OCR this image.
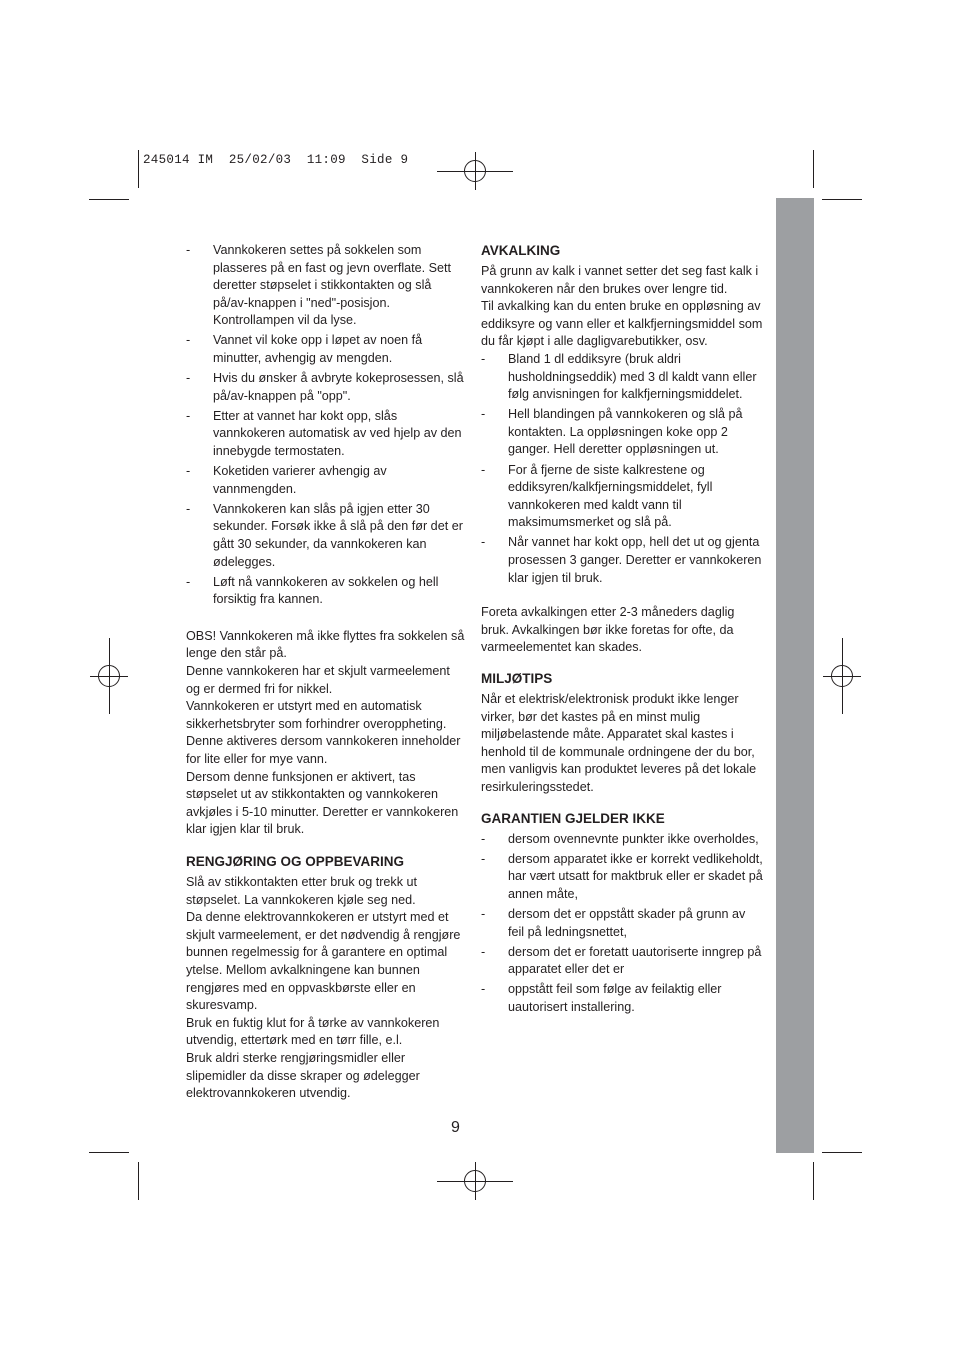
245014 IM  25/02/03  11:09  Side 9
- Vannkokeren settes på sokkelen som plasseres på en fast og jevn overflate. Sett deretter støpselet i stikkontakten og slå på/av-knappen i "ned"-posisjon. Kontrollampen vil da lyse.
- Vannet vil koke opp i løpet av noen få minutter, avhengig av mengden.
- Hvis du ønsker å avbryte kokeprosessen, slå på/av-knappen på "opp".
- Etter at vannet har kokt opp, slås vannkokeren automatisk av ved hjelp av den innebygde termostaten.
- Koketiden varierer avhengig av vannmengden.
- Vannkokeren kan slås på igjen etter 30 sekunder. Forsøk ikke å slå på den før det er gått 30 sekunder, da vannkokeren kan ødelegges.
- Løft nå vannkokeren av sokkelen og hell forsiktig fra kannen.

OBS! Vannkokeren må ikke flyttes fra sokkelen så lenge den står på.

Denne vannkokeren har et skjult varmeelement og er dermed fri for nikkel.

Vannkokeren er utstyrt med en automatisk sikkerhetsbryter som forhindrer overoppheting. Denne aktiveres dersom vannkokeren inneholder for lite eller for mye vann.

Dersom denne funksjonen er aktivert, tas støpselet ut av stikkontakten og vannkokeren avkjøles i 5-10 minutter. Deretter er vannkokeren klar igjen klar til bruk.

RENGJØRING OG OPPBEVARING

Slå av stikkontakten etter bruk og trekk ut støpselet. La vannkokeren kjøle seg ned.

Da denne elektrovannkokeren er utstyrt med et skjult varmeelement, er det nødvendig å rengjøre bunnen regelmessig for å garantere en optimal ytelse. Mellom avkalkningene kan bunnen rengjøres med en oppvaskbørste eller en skuresvamp.

Bruk en fuktig klut for å tørke av vannkokeren utvendig, ettertørk med en tørr fille, e.l.

Bruk aldri sterke rengjøringsmidler eller slipemidler da disse skraper og ødelegger elektrovannkokeren utvendig.

AVKALKING

På grunn av kalk i vannet setter det seg fast kalk i vannkokeren når den brukes over lengre tid.

Til avkalking kan du enten bruke en oppløsning av eddiksyre og vann eller et kalkfjerningsmiddel som du får kjøpt i alle dagligvarebutikker, osv.

- Bland 1 dl eddiksyre (bruk aldri husholdningseddik) med 3 dl kaldt vann eller følg anvisningen for kalkfjerningsmiddelet.
- Hell blandingen på vannkokeren og slå på kontakten. La oppløsningen koke opp 2 ganger. Hell deretter oppløsningen ut.
- For å fjerne de siste kalkrestene og eddiksyren/kalkfjerningsmiddelet, fyll vannkokeren med kaldt vann til maksimumsmerket og slå på.
- Når vannet har kokt opp, hell det ut og gjenta prosessen 3 ganger. Deretter er vannkokeren klar igjen til bruk.

Foreta avkalkingen etter 2-3 måneders daglig bruk. Avkalkingen bør ikke foretas for ofte, da varmeelementet kan skades.

MILJØTIPS

Når et elektrisk/elektronisk produkt ikke lenger virker, bør det kastes på en minst mulig miljøbelastende måte. Apparatet skal kastes i henhold til de kommunale ordningene der du bor, men vanligvis kan produktet leveres på det lokale resirkuleringsstedet.

GARANTIEN GJELDER IKKE
- dersom ovennevnte punkter ikke overholdes,
- dersom apparatet ikke er korrekt vedlikeholdt, har vært utsatt for maktbruk eller er skadet på annen måte,
- dersom det er oppstått skader på grunn av feil på ledningsnettet,
- dersom det er foretatt uautoriserte inngrep på apparatet eller det er
- oppstått feil som følge av feilaktig eller uautorisert installering.
9
